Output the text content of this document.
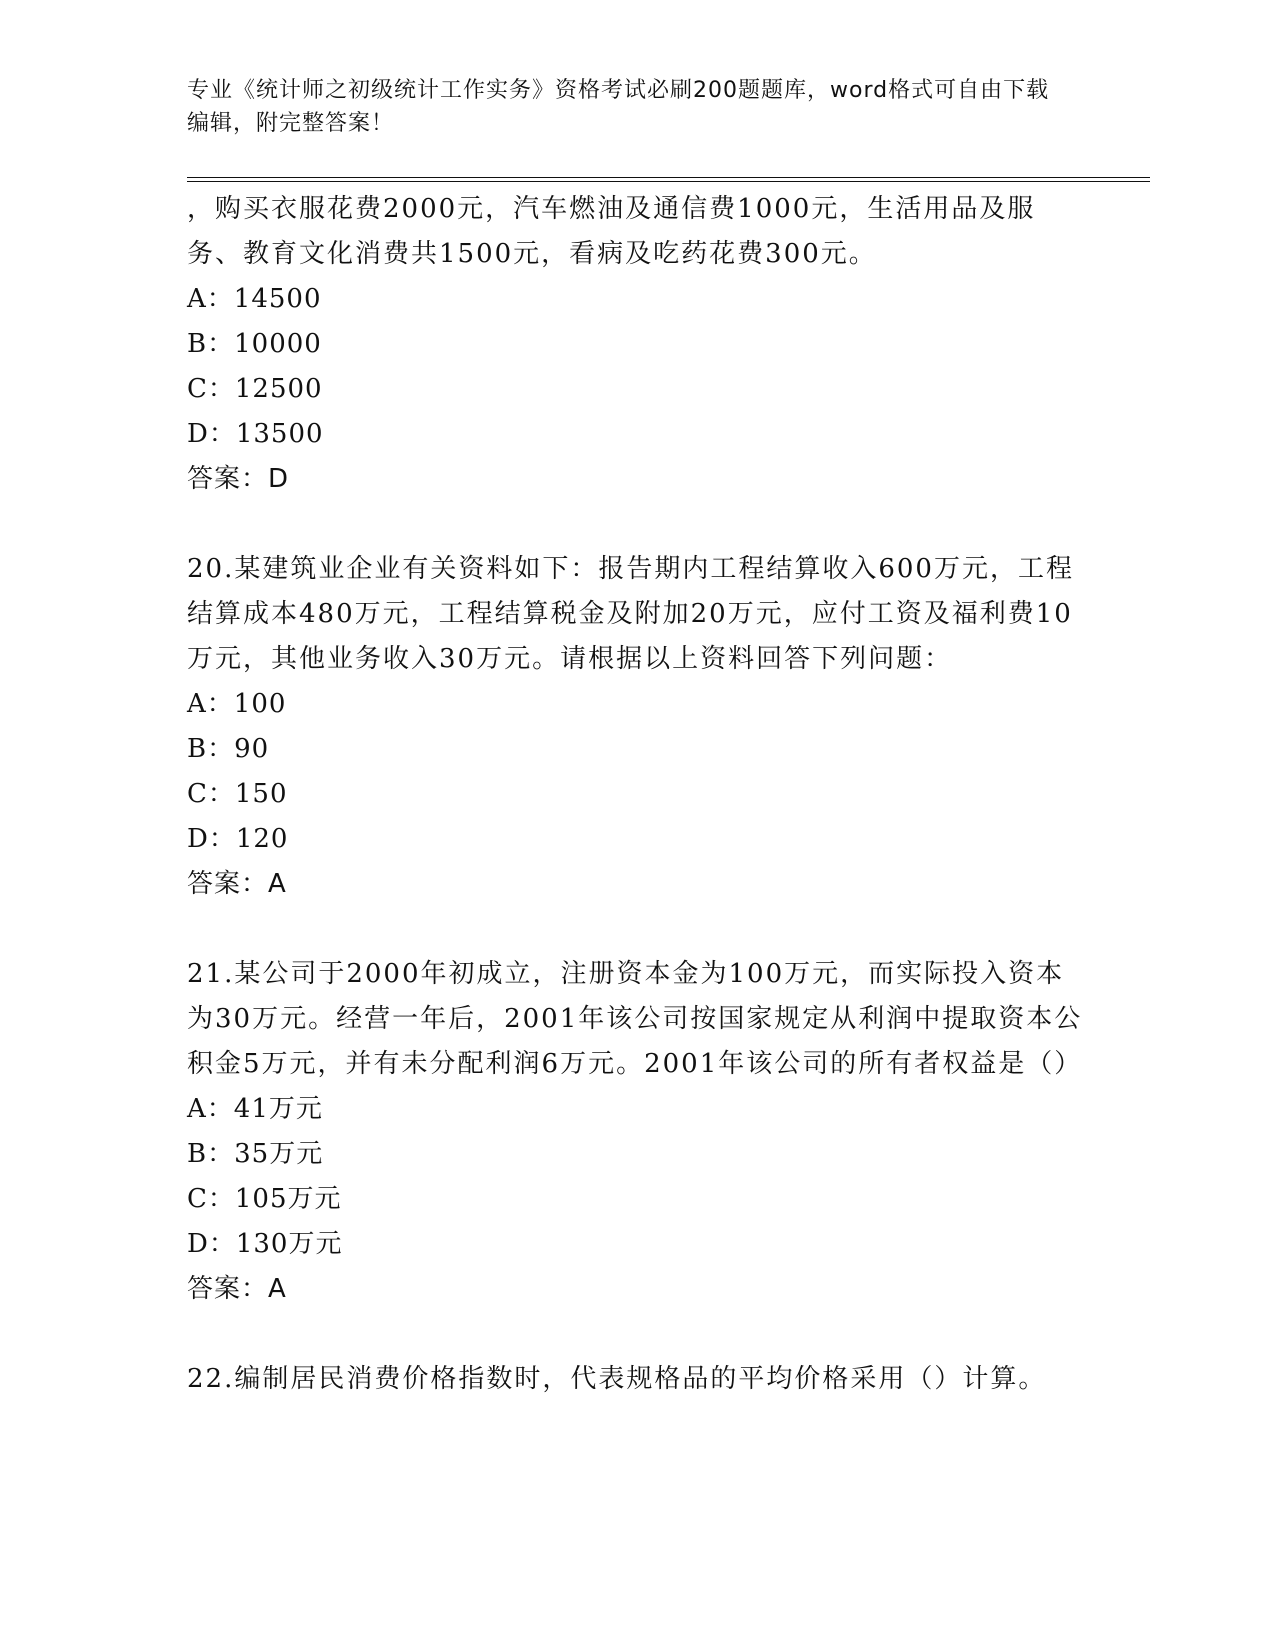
专业《统计师之初级统计工作实务》资格考试必刷200题题库，word格式可自由下载编辑，附完整答案！

，购买衣服花费2000元，汽车燃油及通信费1000元，生活用品及服务、教育文化消费共1500元，看病及吃药花费300元。

A：14500

B：10000

C：12500

D：13500

答案：D

20.某建筑业企业有关资料如下：报告期内工程结算收入600万元，工程结算成本480万元，工程结算税金及附加20万元，应付工资及福利费10万元，其他业务收入30万元。请根据以上资料回答下列问题：

A：100

B：90

C：150

D：120

答案：A

21.某公司于2000年初成立，注册资本金为100万元，而实际投入资本为30万元。经营一年后，2001年该公司按国家规定从利润中提取资本公积金5万元，并有未分配利润6万元。2001年该公司的所有者权益是（）

A：41万元

B：35万元

C：105万元

D：130万元

答案：A

22.编制居民消费价格指数时，代表规格品的平均价格采用（）计算。
